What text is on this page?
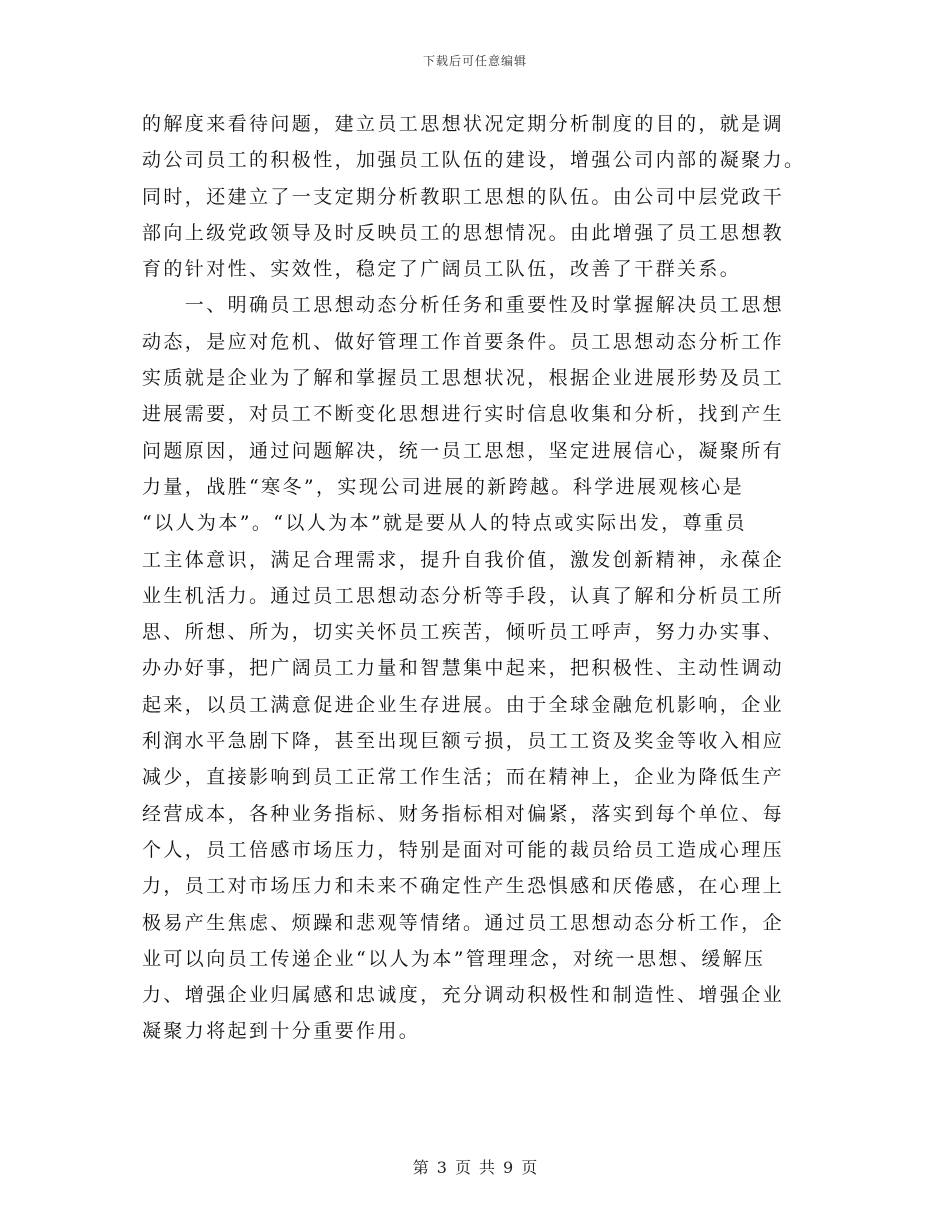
下载后可任意编辑
的解度来看待问题，建立员工思想状况定期分析制度的目的，就是调
动公司员工的积极性，加强员工队伍的建设，增强公司内部的凝聚力。
同时，还建立了一支定期分析教职工思想的队伍。由公司中层党政干
部向上级党政领导及时反映员工的思想情况。由此增强了员工思想教
育的针对性、实效性，稳定了广阔员工队伍，改善了干群关系。
　　一、明确员工思想动态分析任务和重要性及时掌握解决员工思想
动态，是应对危机、做好管理工作首要条件。员工思想动态分析工作
实质就是企业为了解和掌握员工思想状况，根据企业进展形势及员工
进展需要，对员工不断变化思想进行实时信息收集和分析，找到产生
问题原因，通过问题解决，统一员工思想，坚定进展信心，凝聚所有
力量，战胜“寒冬”，实现公司进展的新跨越。科学进展观核心是
“以人为本”。“以人为本”就是要从人的特点或实际出发，尊重员
工主体意识，满足合理需求，提升自我价值，激发创新精神，永葆企
业生机活力。通过员工思想动态分析等手段，认真了解和分析员工所
思、所想、所为，切实关怀员工疾苦，倾听员工呼声，努力办实事、
办办好事，把广阔员工力量和智慧集中起来，把积极性、主动性调动
起来，以员工满意促进企业生存进展。由于全球金融危机影响，企业
利润水平急剧下降，甚至出现巨额亏损，员工工资及奖金等收入相应
减少，直接影响到员工正常工作生活；而在精神上，企业为降低生产
经营成本，各种业务指标、财务指标相对偏紧，落实到每个单位、每
个人，员工倍感市场压力，特别是面对可能的裁员给员工造成心理压
力，员工对市场压力和未来不确定性产生恐惧感和厌倦感，在心理上
极易产生焦虑、烦躁和悲观等情绪。通过员工思想动态分析工作，企
业可以向员工传递企业“以人为本”管理理念，对统一思想、缓解压
力、增强企业归属感和忠诚度，充分调动积极性和制造性、增强企业
凝聚力将起到十分重要作用。
第 3 页 共 9 页
